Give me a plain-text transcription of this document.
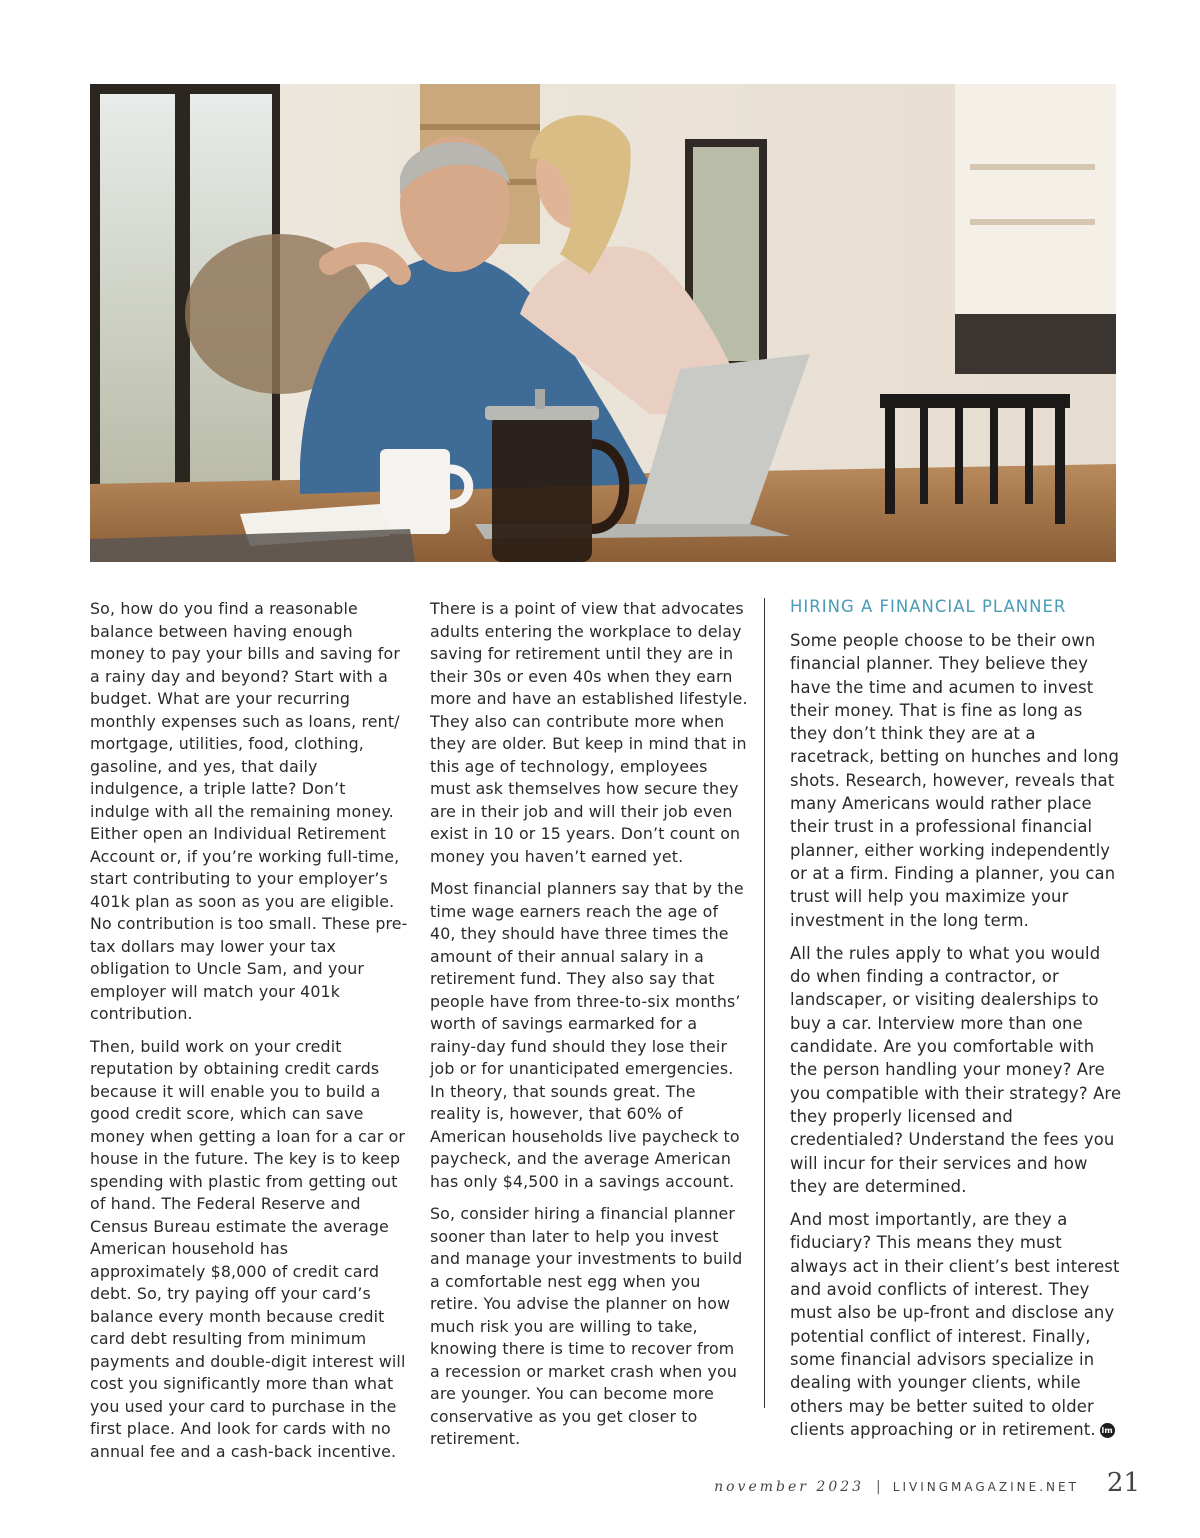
So, how do you find a reasonable balance between having enough money to pay your bills and saving for a rainy day and beyond? Start with a budget. What are your recurring monthly expenses such as loans, rent/ mortgage, utilities, food, clothing, gasoline, and yes, that daily indulgence, a triple latte? Don’t indulge with all the remaining money. Either open an Individual Retirement Account or, if you’re working full-time, start contributing to your employer’s 401k plan as soon as you are eligible. No contribution is too small. These pre-tax dollars may lower your tax obligation to Uncle Sam, and your employer will match your 401k contribution.

Then, build work on your credit reputation by obtaining credit cards because it will enable you to build a good credit score, which can save money when getting a loan for a car or house in the future. The key is to keep spending with plastic from getting out of hand. The Federal Reserve and Census Bureau estimate the average American household has approximately $8,000 of credit card debt. So, try paying off your card’s balance every month because credit card debt resulting from minimum payments and double-digit interest will cost you significantly more than what you used your card to purchase in the first place. And look for cards with no annual fee and a cash-back incentive.

There is a point of view that advocates adults entering the workplace to delay saving for retirement until they are in their 30s or even 40s when they earn more and have an established lifestyle. They also can contribute more when they are older. But keep in mind that in this age of technology, employees must ask themselves how secure they are in their job and will their job even exist in 10 or 15 years. Don’t count on money you haven’t earned yet.

Most financial planners say that by the time wage earners reach the age of 40, they should have three times the amount of their annual salary in a retirement fund. They also say that people have from three-to-six months’ worth of savings earmarked for a rainy-day fund should they lose their job or for unanticipated emergencies. In theory, that sounds great. The reality is, however, that 60% of American households live paycheck to paycheck, and the average American has only $4,500 in a savings account.

So, consider hiring a financial planner sooner than later to help you invest and manage your investments to build a comfortable nest egg when you retire. You advise the planner on how much risk you are willing to take, knowing there is time to recover from a recession or market crash when you are younger. You can become more conservative as you get closer to retirement.

HIRING A FINANCIAL PLANNER

Some people choose to be their own financial planner. They believe they have the time and acumen to invest their money. That is fine as long as they don’t think they are at a racetrack, betting on hunches and long shots. Research, however, reveals that many Americans would rather place their trust in a professional financial planner, either working independently or at a firm. Finding a planner, you can trust will help you maximize your investment in the long term.

All the rules apply to what you would do when finding a contractor, or landscaper, or visiting dealerships to buy a car. Interview more than one candidate. Are you comfortable with the person handling your money? Are you compatible with their strategy? Are they properly licensed and credentialed? Understand the fees you will incur for their services and how they are determined.

And most importantly, are they a fiduciary? This means they must always act in their client’s best interest and avoid conflicts of interest. They must also be up-front and disclose any potential conflict of interest. Finally, some financial advisors specialize in dealing with younger clients, while others may be better suited to older clients approaching or in retirement. lm

november 2023 | LIVINGMAGAZINE.NET 21
